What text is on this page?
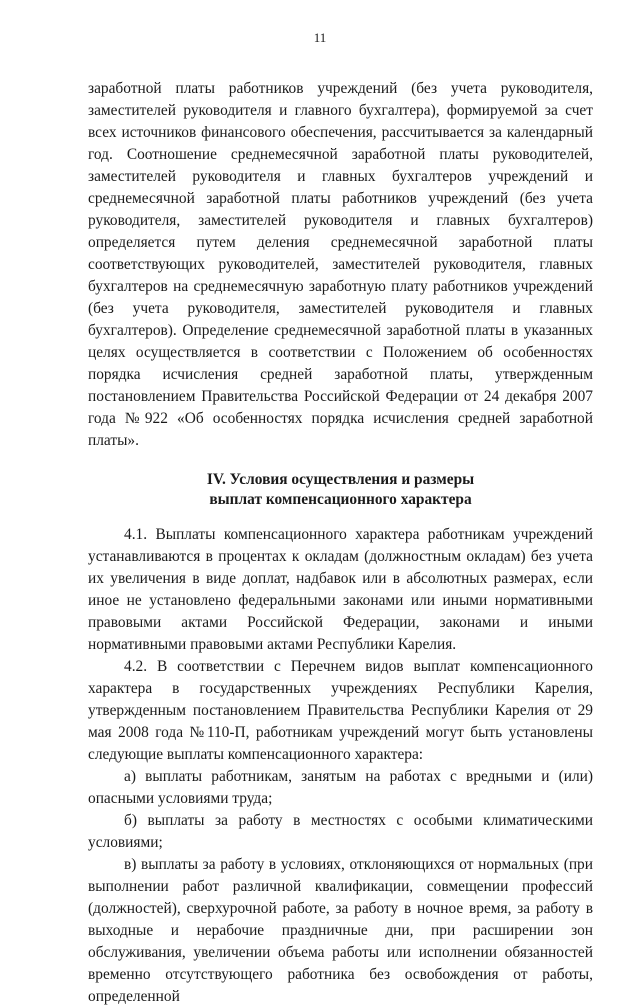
11

заработной платы работников учреждений (без учета руководителя, заместителей руководителя и главного бухгалтера), формируемой за счет всех источников финансового обеспечения, рассчитывается за календарный год. Соотношение среднемесячной заработной платы руководителей, заместителей руководителя и главных бухгалтеров учреждений и среднемесячной заработной платы работников учреждений (без учета руководителя, заместителей руководителя и главных бухгалтеров) определяется путем деления среднемесячной заработной платы соответствующих руководителей, заместителей руководителя, главных бухгалтеров на среднемесячную заработную плату работников учреждений (без учета руководителя, заместителей руководителя и главных бухгалтеров). Определение среднемесячной заработной платы в указанных целях осуществляется в соответствии с Положением об особенностях порядка исчисления средней заработной платы, утвержденным постановлением Правительства Российской Федерации от 24 декабря 2007 года №922 «Об особенностях порядка исчисления средней заработной платы».

IV. Условия осуществления и размеры
выплат компенсационного характера

4.1. Выплаты компенсационного характера работникам учреждений устанавливаются в процентах к окладам (должностным окладам) без учета их увеличения в виде доплат, надбавок или в абсолютных размерах, если иное не установлено федеральными законами или иными нормативными правовыми актами Российской Федерации, законами и иными нормативными правовыми актами Республики Карелия.

4.2. В соответствии с Перечнем видов выплат компенсационного характера в государственных учреждениях Республики Карелия, утвержденным постановлением Правительства Республики Карелия от 29 мая 2008 года №110-П, работникам учреждений могут быть установлены следующие выплаты компенсационного характера:

а) выплаты работникам, занятым на работах с вредными и (или) опасными условиями труда;

б) выплаты за работу в местностях с особыми климатическими условиями;

в) выплаты за работу в условиях, отклоняющихся от нормальных (при выполнении работ различной квалификации, совмещении профессий (должностей), сверхурочной работе, за работу в ночное время, за работу в выходные и нерабочие праздничные дни, при расширении зон обслуживания, увеличении объема работы или исполнении обязанностей временно отсутствующего работника без освобождения от работы, определенной
